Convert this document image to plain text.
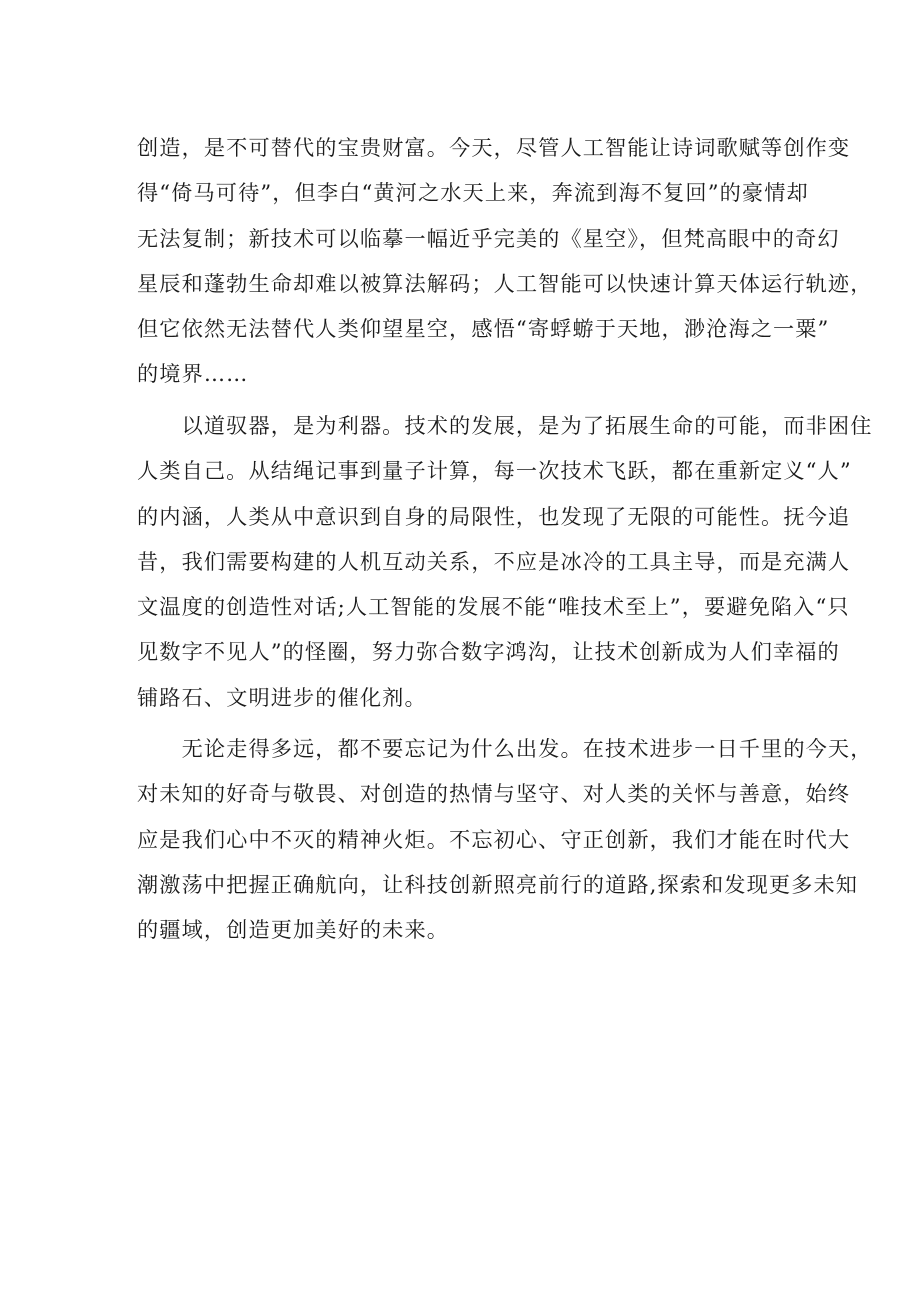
创造，是不可替代的宝贵财富。今天，尽管人工智能让诗词歌赋等创作变
得“倚马可待”，但李白“黄河之水天上来，奔流到海不复回”的豪情却
无法复制；新技术可以临摹一幅近乎完美的《星空》，但梵高眼中的奇幻
星辰和蓬勃生命却难以被算法解码；人工智能可以快速计算天体运行轨迹，
但它依然无法替代人类仰望星空，感悟“寄蜉蝣于天地，渺沧海之一粟”
的境界……
　　以道驭器，是为利器。技术的发展，是为了拓展生命的可能，而非困住
人类自己。从结绳记事到量子计算，每一次技术飞跃，都在重新定义“人”
的内涵，人类从中意识到自身的局限性，也发现了无限的可能性。抚今追
昔，我们需要构建的人机互动关系，不应是冰冷的工具主导，而是充满人
文温度的创造性对话;人工智能的发展不能“唯技术至上”，要避免陷入“只
见数字不见人”的怪圈，努力弥合数字鸿沟，让技术创新成为人们幸福的
铺路石、文明进步的催化剂。
　　无论走得多远，都不要忘记为什么出发。在技术进步一日千里的今天，
对未知的好奇与敬畏、对创造的热情与坚守、对人类的关怀与善意，始终
应是我们心中不灭的精神火炬。不忘初心、守正创新，我们才能在时代大
潮激荡中把握正确航向，让科技创新照亮前行的道路,探索和发现更多未知
的疆域，创造更加美好的未来。
